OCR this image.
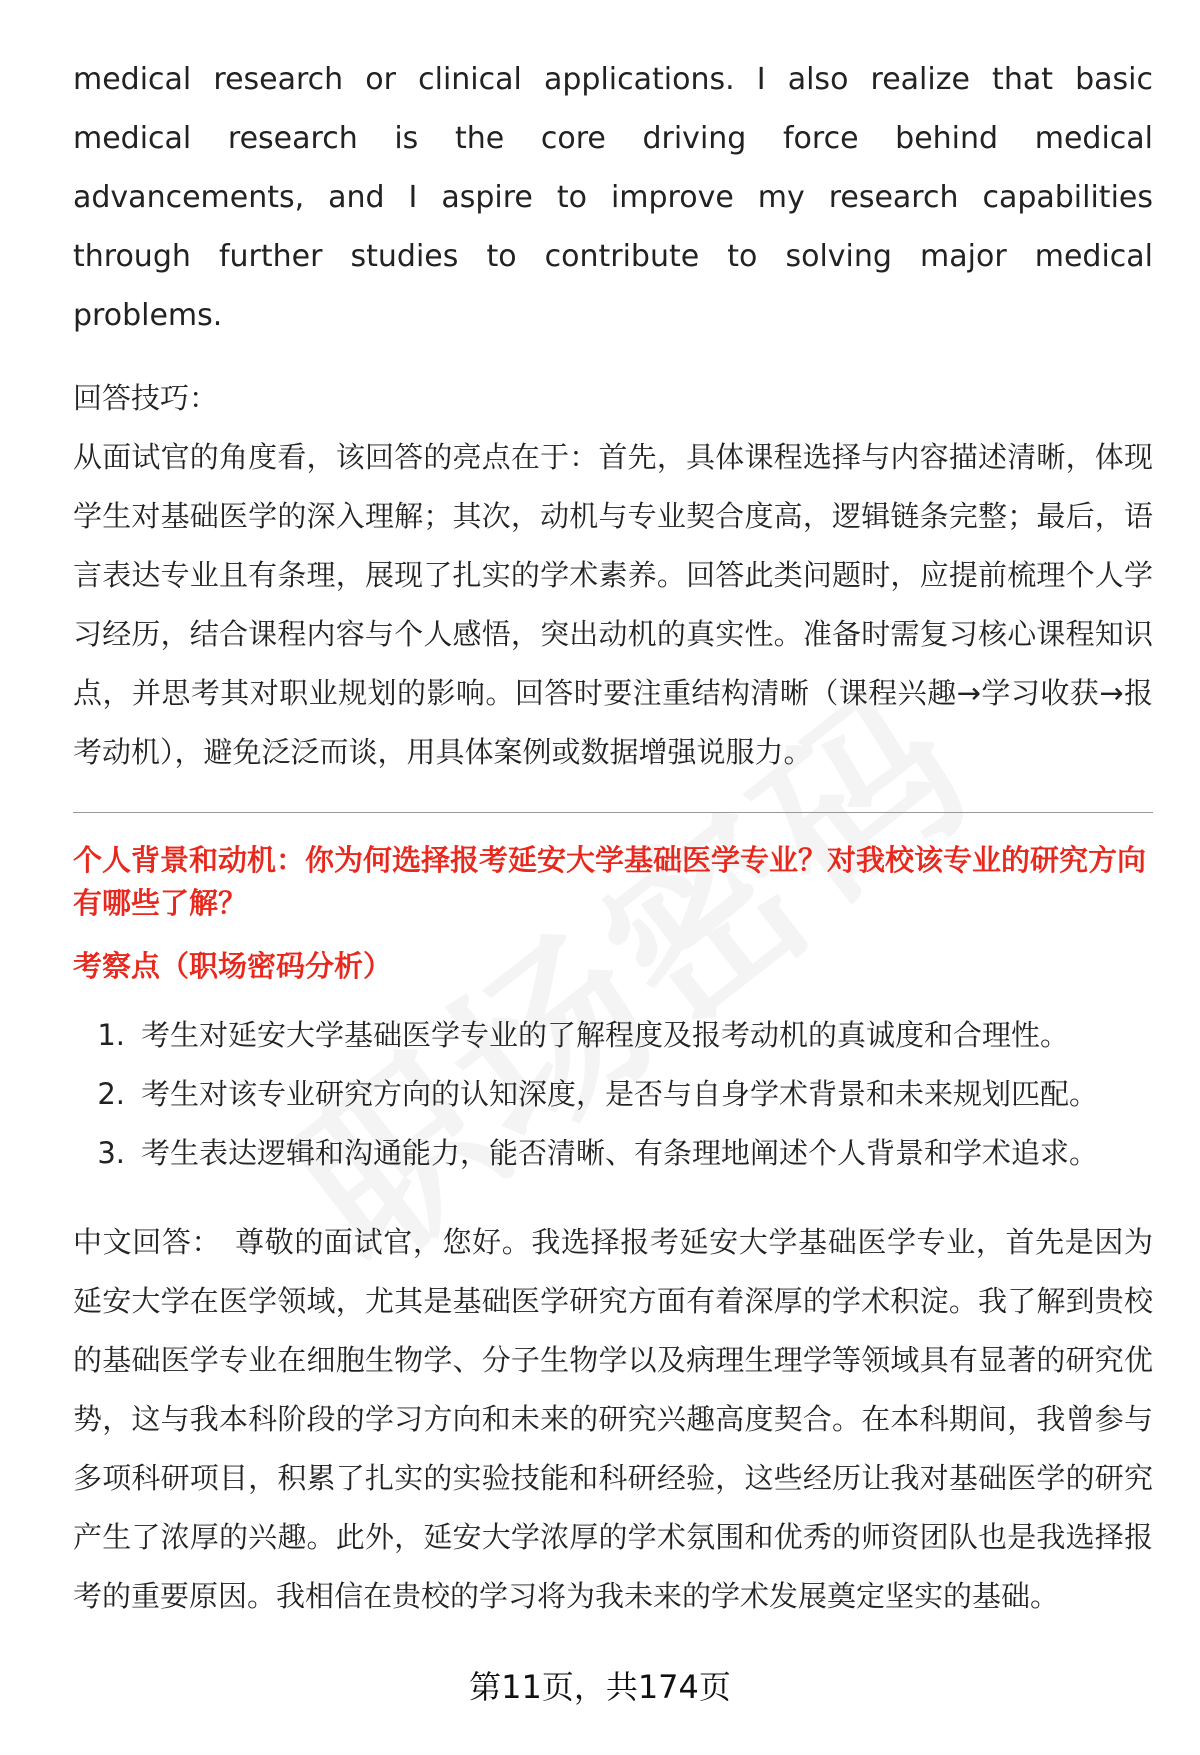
medical research or clinical applications. I also realize that basic medical research is the core driving force behind medical advancements, and I aspire to improve my research capabilities through further studies to contribute to solving major medical problems.

回答技巧：

从面试官的角度看，该回答的亮点在于：首先，具体课程选择与内容描述清晰，体现学生对基础医学的深入理解；其次，动机与专业契合度高，逻辑链条完整；最后，语言表达专业且有条理，展现了扎实的学术素养。回答此类问题时，应提前梳理个人学习经历，结合课程内容与个人感悟，突出动机的真实性。准备时需复习核心课程知识点，并思考其对职业规划的影响。回答时要注重结构清晰（课程兴趣→学习收获→报考动机），避免泛泛而谈，用具体案例或数据增强说服力。

个人背景和动机：你为何选择报考延安大学基础医学专业？对我校该专业的研究方向有哪些了解？

考察点（职场密码分析）

1. 考生对延安大学基础医学专业的了解程度及报考动机的真诚度和合理性。
2. 考生对该专业研究方向的认知深度，是否与自身学术背景和未来规划匹配。
3. 考生表达逻辑和沟通能力，能否清晰、有条理地阐述个人背景和学术追求。

中文回答： 尊敬的面试官，您好。我选择报考延安大学基础医学专业，首先是因为延安大学在医学领域，尤其是基础医学研究方面有着深厚的学术积淀。我了解到贵校的基础医学专业在细胞生物学、分子生物学以及病理生理学等领域具有显著的研究优势，这与我本科阶段的学习方向和未来的研究兴趣高度契合。在本科期间，我曾参与多项科研项目，积累了扎实的实验技能和科研经验，这些经历让我对基础医学的研究产生了浓厚的兴趣。此外，延安大学浓厚的学术氛围和优秀的师资团队也是我选择报考的重要原因。我相信在贵校的学习将为我未来的学术发展奠定坚实的基础。

第11页，共174页
